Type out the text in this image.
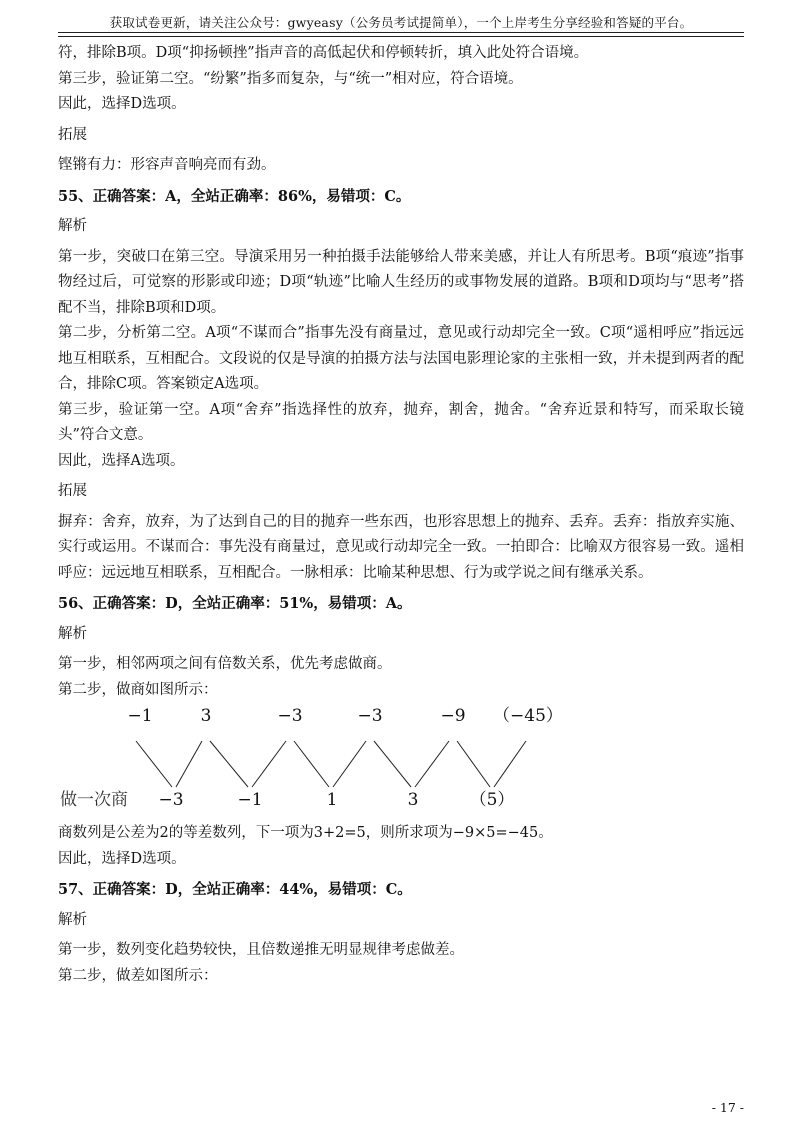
获取试卷更新，请关注公众号：gwyeasy（公务员考试提简单），一个上岸考生分享经验和答疑的平台。

符，排除B项。D项“抑扬顿挫”指声音的高低起伏和停顿转折，填入此处符合语境。

第三步，验证第二空。“纷繁”指多而复杂，与“统一”相对应，符合语境。

因此，选择D选项。

拓展

铿锵有力：形容声音响亮而有劲。

55、正确答案：A，全站正确率：86%，易错项：C。

解析

第一步，突破口在第三空。导演采用另一种拍摄手法能够给人带来美感，并让人有所思考。B项“痕迹”指事物经过后，可觉察的形影或印迹；D项“轨迹”比喻人生经历的或事物发展的道路。B项和D项均与“思考”搭配不当，排除B项和D项。

第二步，分析第二空。A项“不谋而合”指事先没有商量过，意见或行动却完全一致。C项“遥相呼应”指远远地互相联系，互相配合。文段说的仅是导演的拍摄方法与法国电影理论家的主张相一致，并未提到两者的配合，排除C项。答案锁定A选项。

第三步，验证第一空。A项“舍弃”指选择性的放弃，抛弃，割舍，抛舍。“舍弃近景和特写，而采取长镜头”符合文意。

因此，选择A选项。

拓展

摒弃：舍弃，放弃，为了达到自己的目的抛弃一些东西，也形容思想上的抛弃、丢弃。丢弃：指放弃实施、实行或运用。不谋而合：事先没有商量过，意见或行动却完全一致。一拍即合：比喻双方很容易一致。遥相呼应：远远地互相联系，互相配合。一脉相承：比喻某种思想、行为或学说之间有继承关系。

56、正确答案：D，全站正确率：51%，易错项：A。

解析

第一步，相邻两项之间有倍数关系，优先考虑做商。

第二步，做商如图所示：

−1	3	−3	−3	−9 （−45）
做一次商 −3	−1	1	3	（5）

商数列是公差为2的等差数列，下一项为3+2=5，则所求项为−9×5=−45。

因此，选择D选项。

57、正确答案：D，全站正确率：44%，易错项：C。

解析

第一步，数列变化趋势较快，且倍数递推无明显规律考虑做差。

第二步，做差如图所示：

- 17 -
